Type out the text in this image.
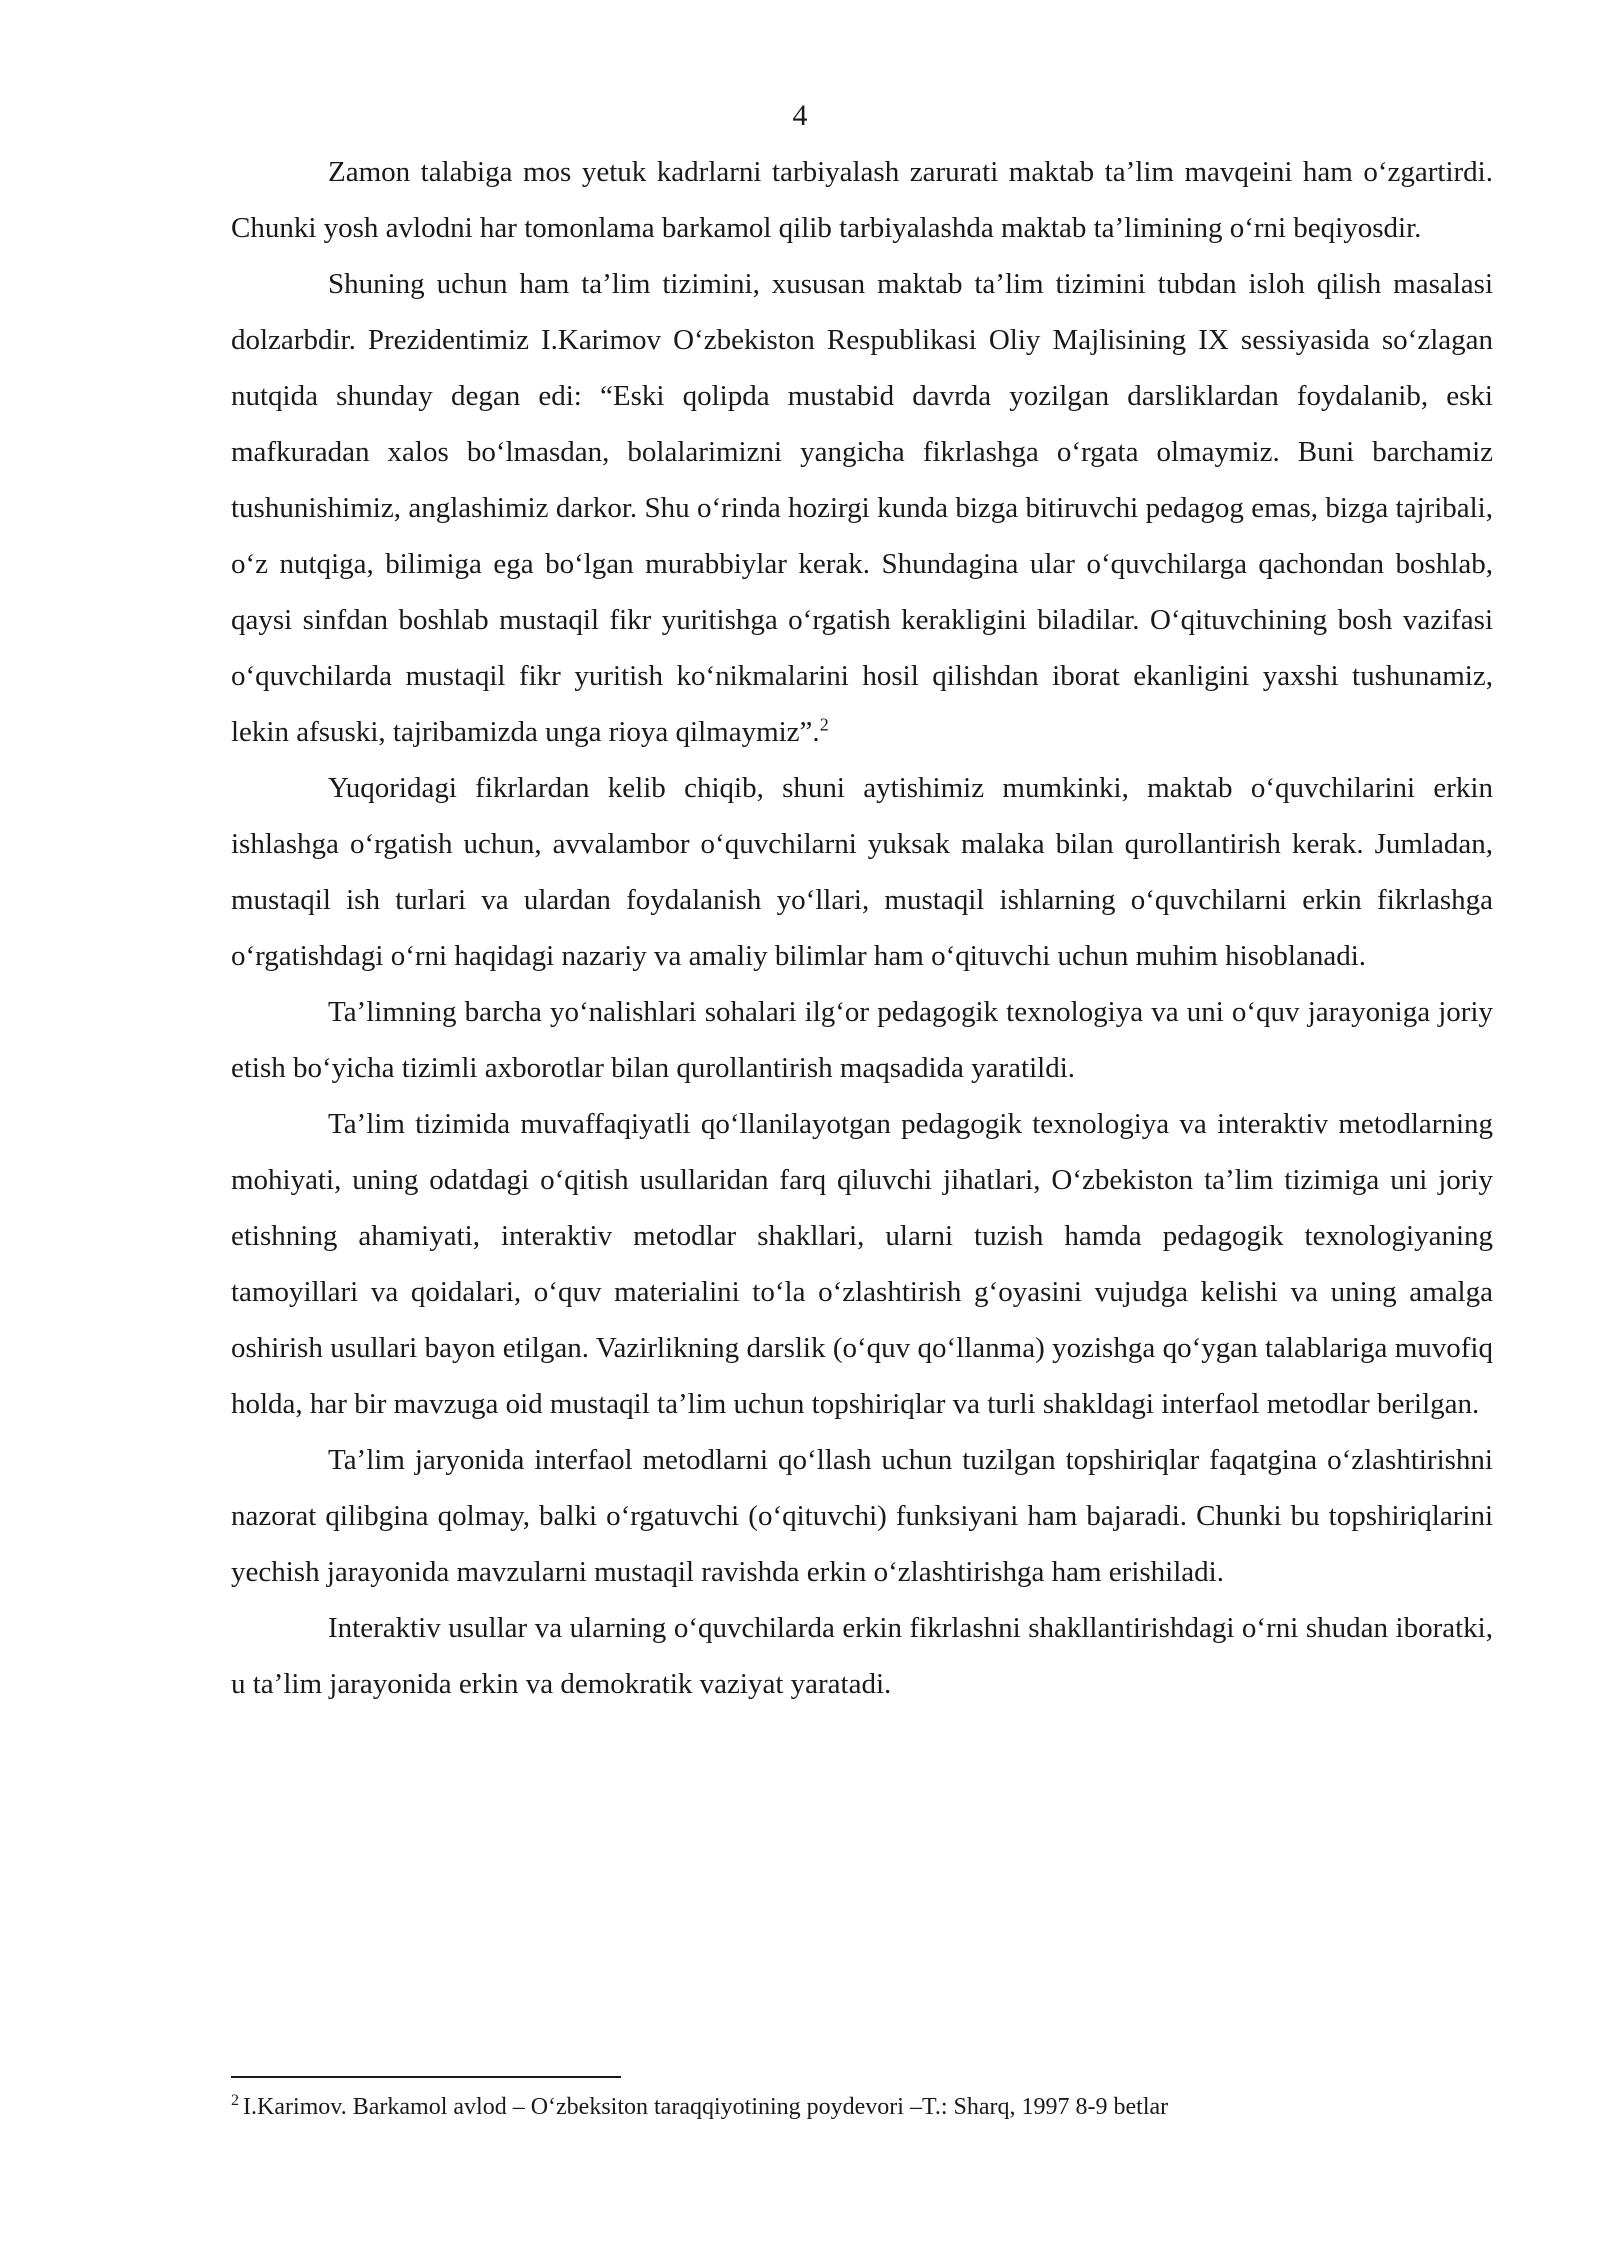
4

Zamon talabiga mos yetuk kadrlarni tarbiyalash zarurati maktab ta’lim mavqeini ham o‘zgartirdi. Chunki yosh avlodni har tomonlama barkamol qilib tarbiyalashda maktab ta’limining o‘rni beqiyosdir.

Shuning uchun ham ta’lim tizimini, xususan maktab ta’lim tizimini tubdan isloh qilish masalasi dolzarbdir. Prezidentimiz I.Karimov O‘zbekiston Respublikasi Oliy Majlisining IX sessiyasida so‘zlagan nutqida shunday degan edi: “Eski qolipda mustabid davrda yozilgan darsliklardan foydalanib, eski mafkuradan xalos bo‘lmasdan, bolalarimizni yangicha fikrlashga o‘rgata olmaymiz. Buni barchamiz tushunishimiz, anglashimiz darkor. Shu o‘rinda hozirgi kunda bizga bitiruvchi pedagog emas, bizga tajribali, o‘z nutqiga, bilimiga ega bo‘lgan murabbiylar kerak. Shundagina ular o‘quvchilarga qachondan boshlab, qaysi sinfdan boshlab mustaqil fikr yuritishga o‘rgatish kerakligini biladilar. O‘qituvchining bosh vazifasi o‘quvchilarda mustaqil fikr yuritish ko‘nikmalarini hosil qilishdan iborat ekanligini yaxshi tushunamiz, lekin afsuski, tajribamizda unga rioya qilmaymiz”.$^2$

Yuqoridagi fikrlardan kelib chiqib, shuni aytishimiz mumkinki, maktab o‘quvchilarini erkin ishlashga o‘rgatish uchun, avvalambor o‘quvchilarni yuksak malaka bilan qurollantirish kerak. Jumladan, mustaqil ish turlari va ulardan foydalanish yo‘llari, mustaqil ishlarning o‘quvchilarni erkin fikrlashga o‘rgatishdagi o‘rni haqidagi nazariy va amaliy bilimlar ham o‘qituvchi uchun muhim hisoblanadi.

Ta’limning barcha yo‘nalishlari sohalari ilg‘or pedagogik texnologiya va uni o‘quv jarayoniga joriy etish bo‘yicha tizimli axborotlar bilan qurollantirish maqsadida yaratildi.

Ta’lim tizimida muvaffaqiyatli qo‘llanilayotgan pedagogik texnologiya va interaktiv metodlarning mohiyati, uning odatdagi o‘qitish usullaridan farq qiluvchi jihatlari, O‘zbekiston ta’lim tizimiga uni joriy etishning ahamiyati, interaktiv metodlar shakllari, ularni tuzish hamda pedagogik texnologiyaning tamoyillari va qoidalari, o‘quv materialini to‘la o‘zlashtirish g‘oyasini vujudga kelishi va uning amalga oshirish usullari bayon etilgan. Vazirlikning darslik (o‘quv qo‘llanma) yozishga qo‘ygan talablariga muvofiq holda, har bir mavzuga oid mustaqil ta’lim uchun topshiriqlar va turli shakldagi interfaol metodlar berilgan.

Ta’lim jaryonida interfaol metodlarni qo‘llash uchun tuzilgan topshiriqlar faqatgina o‘zlashtirishni nazorat qilibgina qolmay, balki o‘rgatuvchi (o‘qituvchi) funksiyani ham bajaradi. Chunki bu topshiriqlarini yechish jarayonida mavzularni mustaqil ravishda erkin o‘zlashtirishga ham erishiladi.

Interaktiv usullar va ularning o‘quvchilarda erkin fikrlashni shakllantirishdagi o‘rni shudan iboratki, u ta’lim jarayonida erkin va demokratik vaziyat yaratadi.

$^2$ I.Karimov. Barkamol avlod – O‘zbeksiton taraqqiyotining poydevori –T.: Sharq, 1997 8-9 betlar
